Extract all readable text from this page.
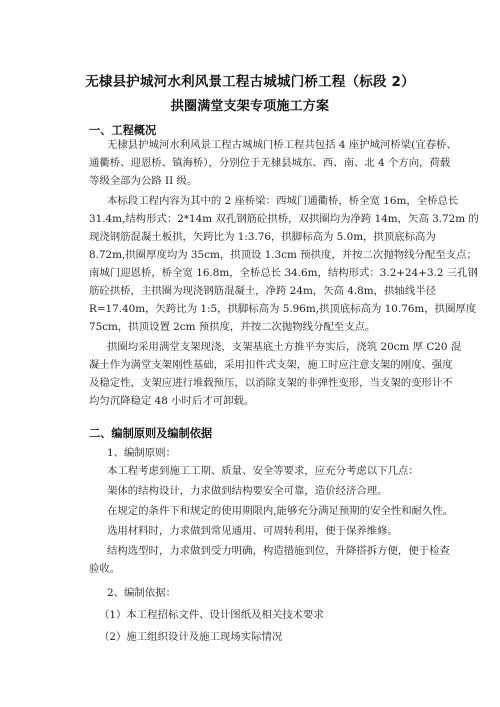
无棣县护城河水利风景工程古城城门桥工程（标段 2）
拱圈满堂支架专项施工方案
一、工程概况
无棣县护城河水利风景工程古城城门桥工程共包括 4 座护城河桥梁(宜春桥、
通衢桥、迎恩桥、镇海桥），分别位于无棣县城东、西、南、北 4 个方向，荷载
等级全部为公路 II 级。
本标段工程内容为其中的 2 座桥梁：西城门通衢桥，桥全宽 16m，全桥总长
31.4m,结构形式：2*14m 双孔钢筋砼拱桥，双拱圈均为净跨 14m，矢高 3.72m 的
现浇钢筋混凝土板拱，矢跨比为 1:3.76，拱脚标高为 5.0m，拱顶底标高为
8.72m,拱圈厚度均为 35cm，拱顶设 1.3cm 预拱度，并按二次抛物线分配至支点；
南城门迎恩桥，桥全宽 16.8m，全桥总长 34.6m，结构形式：3.2+24+3.2 三孔钢
筋砼拱桥，主拱圈为现浇钢筋混凝土，净跨 24m，矢高 4.8m，拱轴线半径
R=17.40m，矢跨比为 1:5，拱脚标高为 5.96m,拱顶底标高为 10.76m，拱圈厚度
75cm，拱顶设置 2cm 预拱度，并按二次抛物线分配至支点。
拱圈均采用满堂支架现浇，支架基底土方推平夯实后，浇筑 20cm 厚 C20 混
凝土作为满堂支架刚性基础，采用扣件式支架，施工时应注意支架的刚度、强度
及稳定性，支架应进行堆载预压，以消除支架的非弹性变形，当支架的变形计不
均匀沉降稳定 48 小时后才可卸载。
二、编制原则及编制依据
1、编制原则：
本工程考虑到施工工期、质量、安全等要求，应充分考虑以下几点：
架体的结构设计，力求做到结构要安全可靠，造价经济合理。
在规定的条件下和规定的使用期限内,能够充分满足预期的安全性和耐久性。
选用材料时，力求做到常见通用、可周转利用，便于保养维修。
结构选型时，力求做到受力明确，构造措施到位，升降搭拆方便，便于检查
验收。
2、编制依据：
（1）本工程招标文件、设计图纸及相关技术要求
（2）施工组织设计及施工现场实际情况
